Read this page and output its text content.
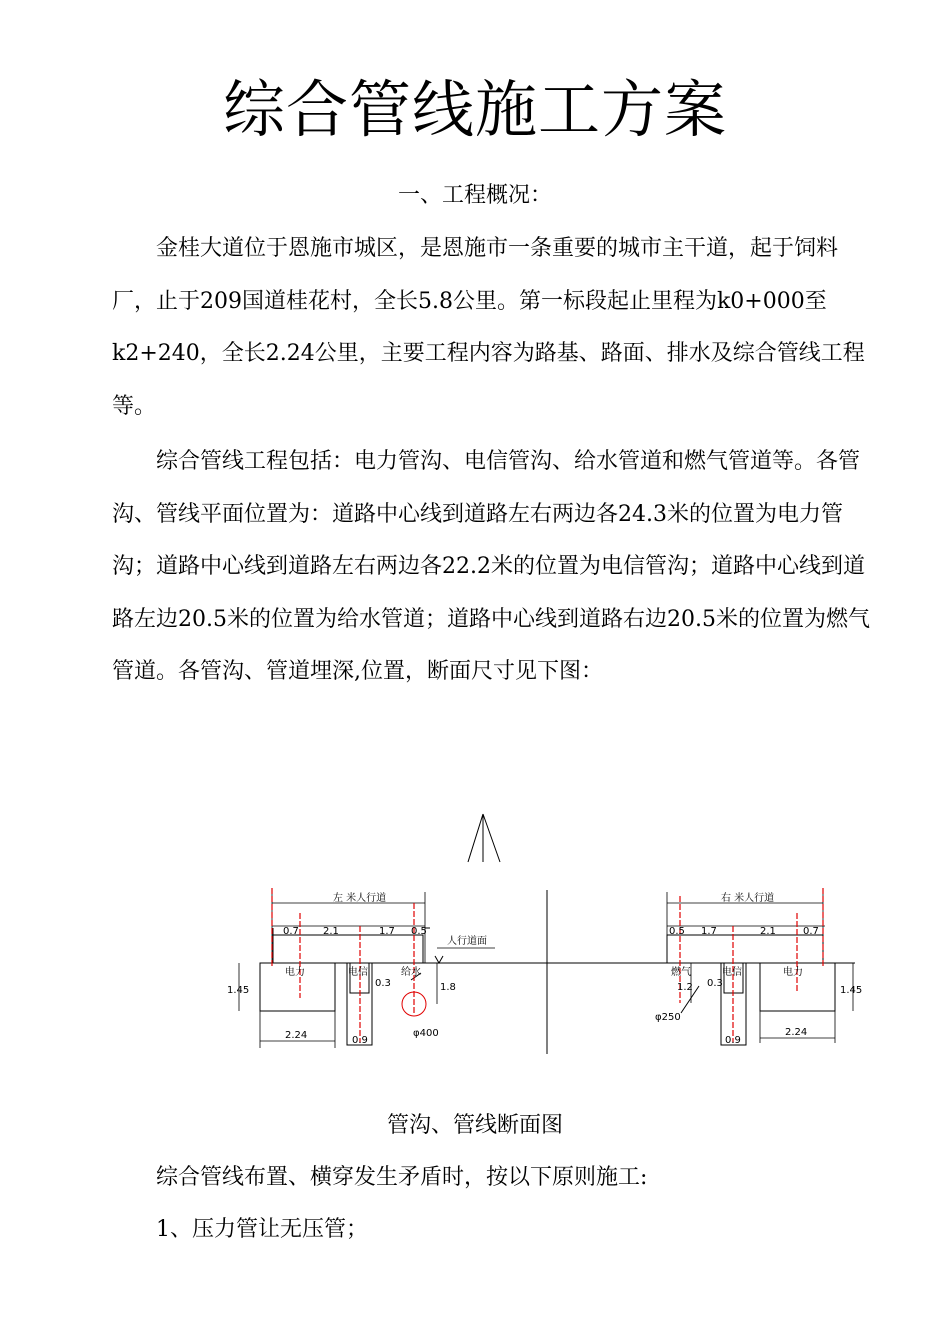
综合管线施工方案
一、工程概况：

金桂大道位于恩施市城区，是恩施市一条重要的城市主干道，起于饲料厂，止于209国道桂花村，全长5.8公里。第一标段起止里程为k0+000至k2+240，全长2.24公里，主要工程内容为路基、路面、排水及综合管线工程等。

综合管线工程包括：电力管沟、电信管沟、给水管道和燃气管道等。各管沟、管线平面位置为：道路中心线到道路左右两边各24.3米的位置为电力管沟；道路中心线到道路左右两边各22.2米的位置为电信管沟；道路中心线到道路左边20.5米的位置为给水管道；道路中心线到道路右边20.5米的位置为燃气管道。各管沟、管道埋深,位置，断面尺寸见下图：

左 米人行道
0.7 2.1	1.7 0.5
人行道面
电力	电信	给水
1.45
0.3	1.8
φ400
2.24	0.9
右 米人行道
0.5 1.7	2.1	0.7
燃气	电信	电力
1.2 0.3
1.45
φ250
0.9
2.24

管沟、管线断面图

综合管线布置、横穿发生矛盾时，按以下原则施工:

1、压力管让无压管；
